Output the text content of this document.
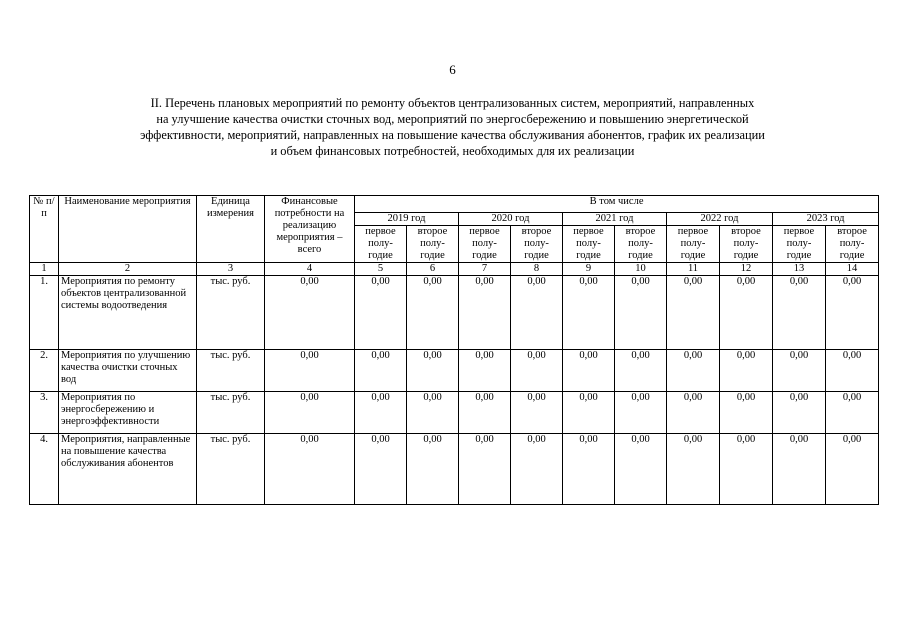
6
II. Перечень плановых мероприятий по ремонту объектов централизованных систем, мероприятий, направленных
на улучшение качества очистки сточных вод, мероприятий по энергосбережению и повышению энергетической
эффективности, мероприятий, направленных на повышение качества обслуживания абонентов, график их реализации
и объем финансовых потребностей, необходимых для их реализации
№ п/п	Наименование мероприятия	Единица измерения	Финансовые потребности на реализацию мероприятия – всего	В том числе									
				2019 год		2020 год		2021 год		2022 год		2023 год	
				первое полу-годие	второе полу-годие	первое полу-годие	второе полу-годие	первое полу-годие	второе полу-годие	первое полу-годие	второе полу-годие	первое полу-годие	второе полу-годие
1	2	3	4	5	6	7	8	9	10	11	12	13	14
1.	Мероприятия по ремонту объектов централизованной системы водоотведения	тыс. руб.	0,00	0,00	0,00	0,00	0,00	0,00	0,00	0,00	0,00	0,00	0,00
2.	Мероприятия по улучшению качества очистки сточных вод	тыс. руб.	0,00	0,00	0,00	0,00	0,00	0,00	0,00	0,00	0,00	0,00	0,00
3.	Мероприятия по энергосбережению и энергоэффективности	тыс. руб.	0,00	0,00	0,00	0,00	0,00	0,00	0,00	0,00	0,00	0,00	0,00
4.	Мероприятия, направленные на повышение качества обслуживания абонентов	тыс. руб.	0,00	0,00	0,00	0,00	0,00	0,00	0,00	0,00	0,00	0,00	0,00
